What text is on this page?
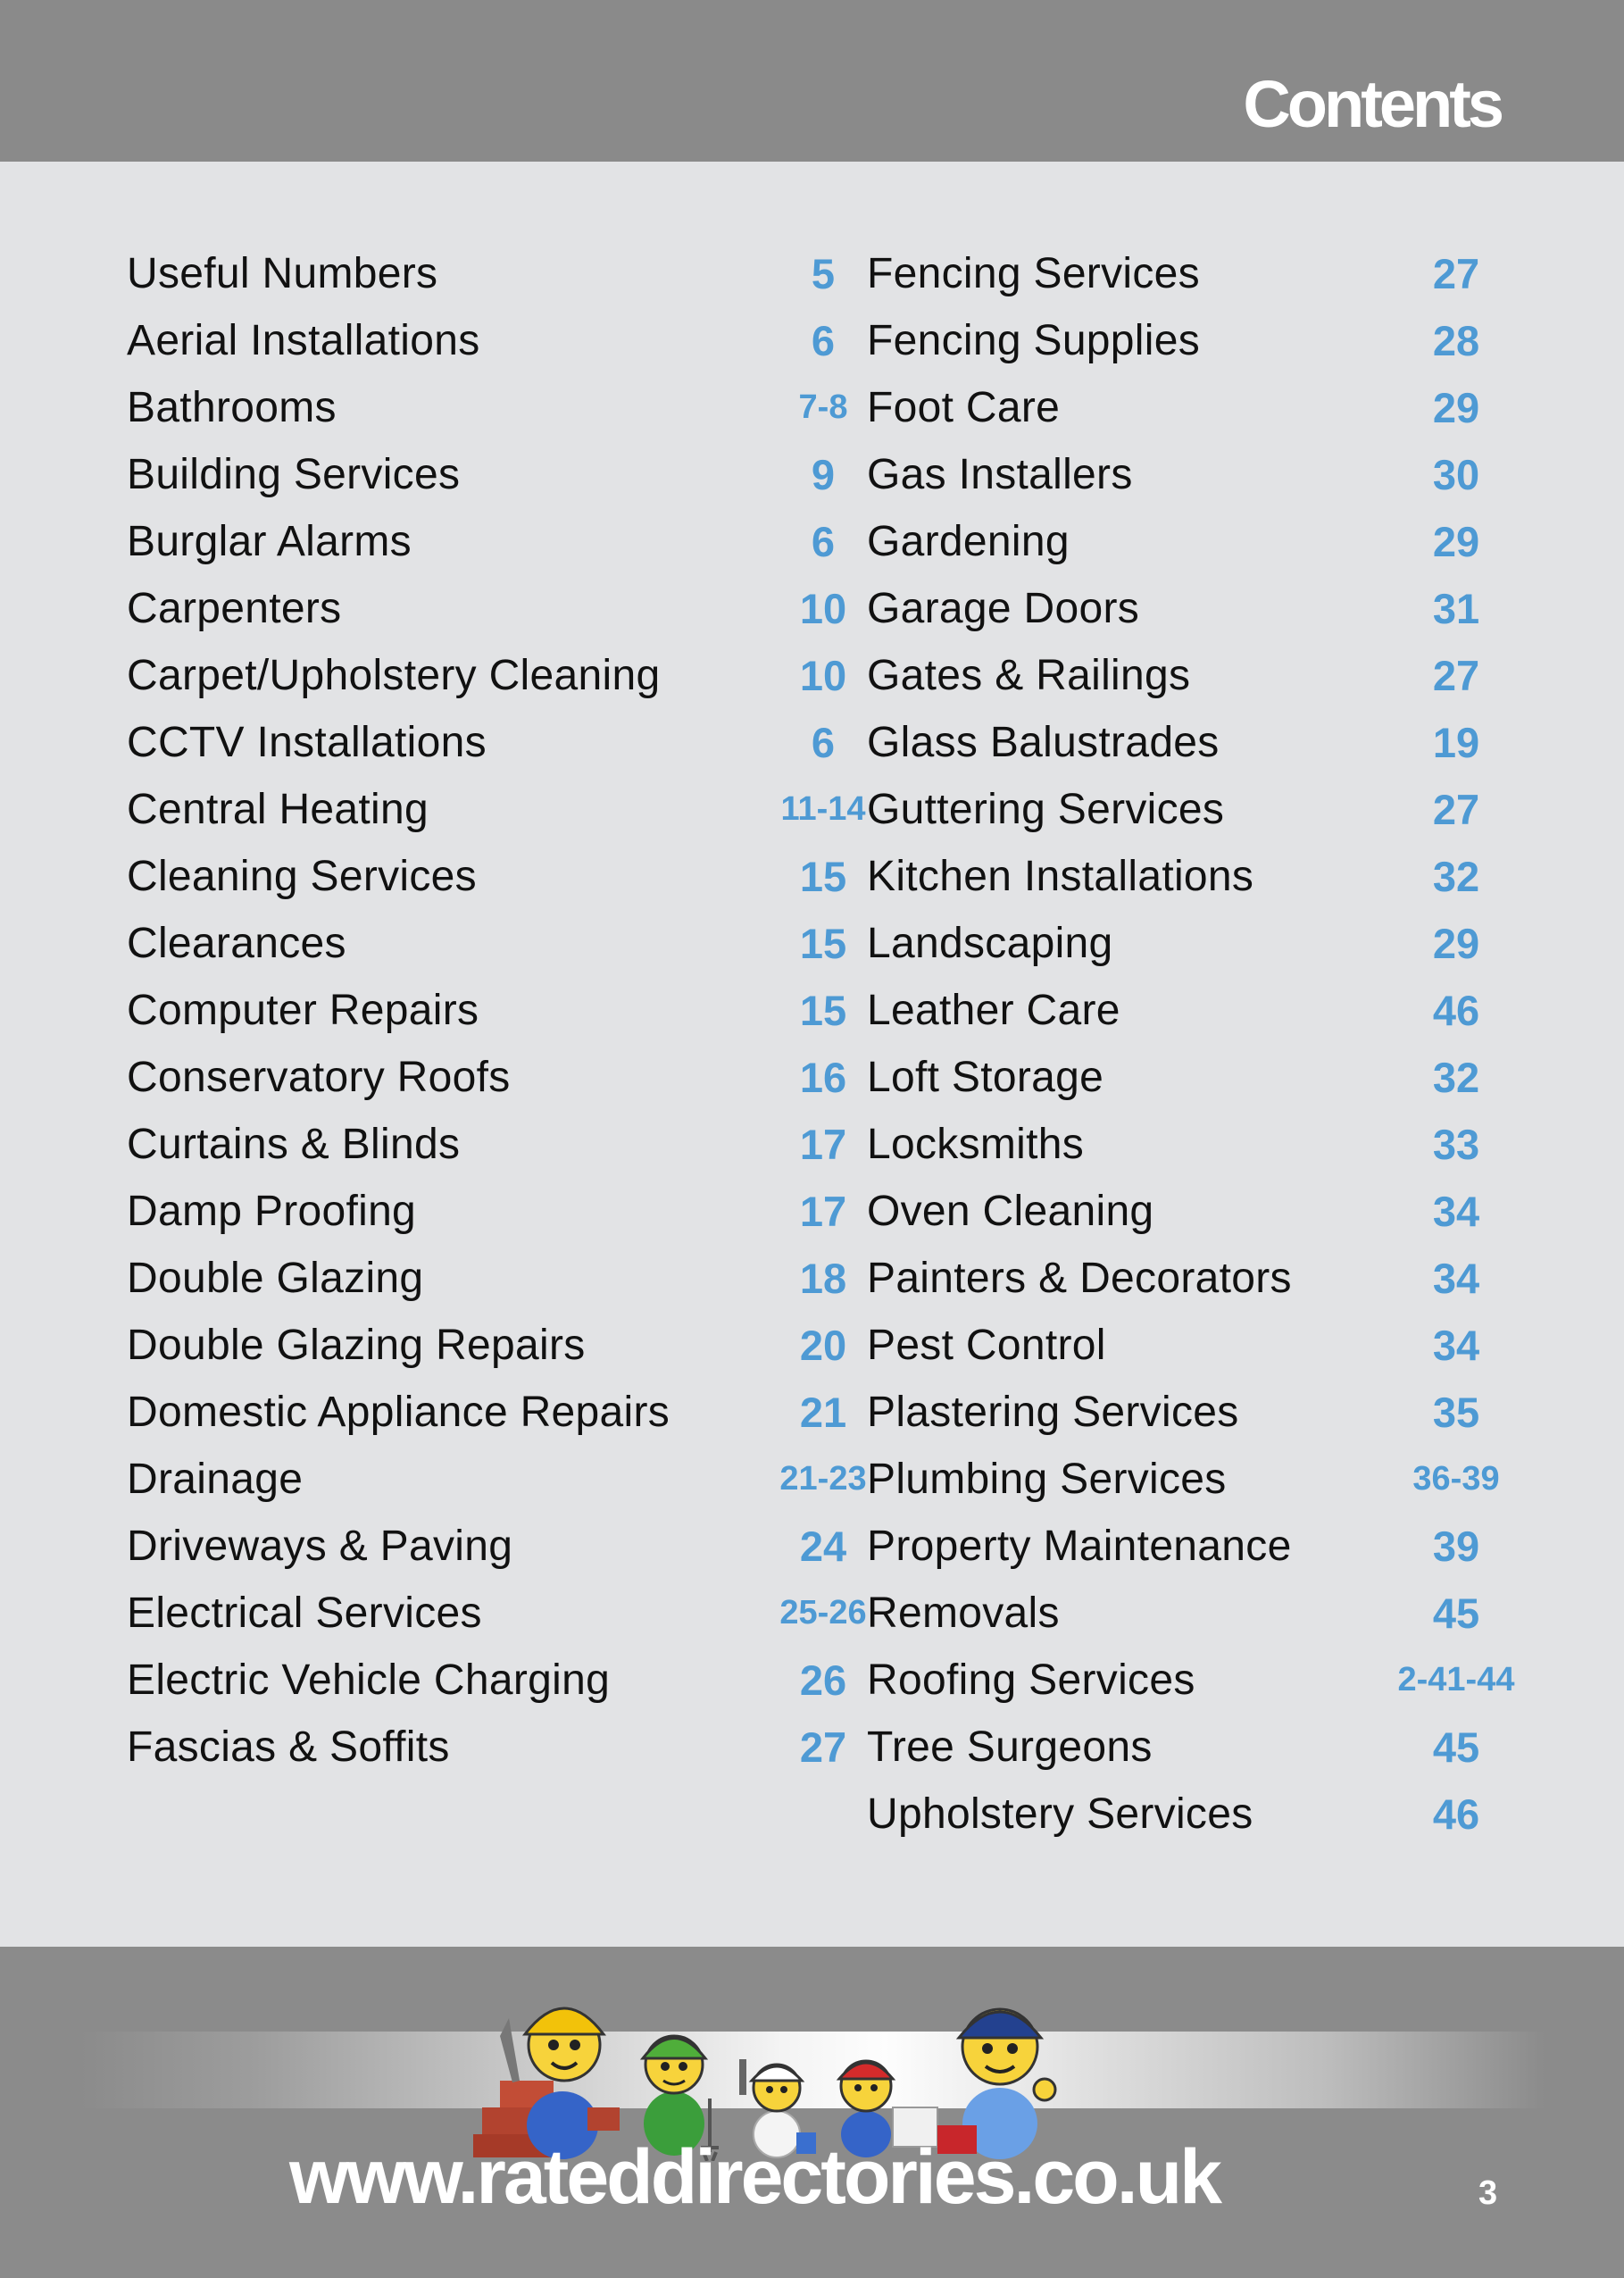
Contents
Useful Numbers	5
Aerial Installations	6
Bathrooms	7-8
Building Services	9
Burglar Alarms	6
Carpenters	10
Carpet/Upholstery Cleaning	10
CCTV Installations	6
Central Heating	11-14
Cleaning Services	15
Clearances	15
Computer Repairs	15
Conservatory Roofs	16
Curtains & Blinds	17
Damp Proofing	17
Double Glazing	18
Double Glazing Repairs	20
Domestic Appliance Repairs	21
Drainage	21-23
Driveways & Paving	24
Electrical Services	25-26
Electric Vehicle Charging	26
Fascias & Soffits	27
Fencing Services	27
Fencing Supplies	28
Foot Care	29
Gas Installers	30
Gardening	29
Garage Doors	31
Gates & Railings	27
Glass Balustrades	19
Guttering Services	27
Kitchen Installations	32
Landscaping	29
Leather Care	46
Loft Storage	32
Locksmiths	33
Oven Cleaning	34
Painters & Decorators	34
Pest Control	34
Plastering Services	35
Plumbing Services	36-39
Property Maintenance	39
Removals	45
Roofing Services	2-41-44
Tree Surgeons	45
Upholstery Services	46
www.rateddirectories.co.uk	3
